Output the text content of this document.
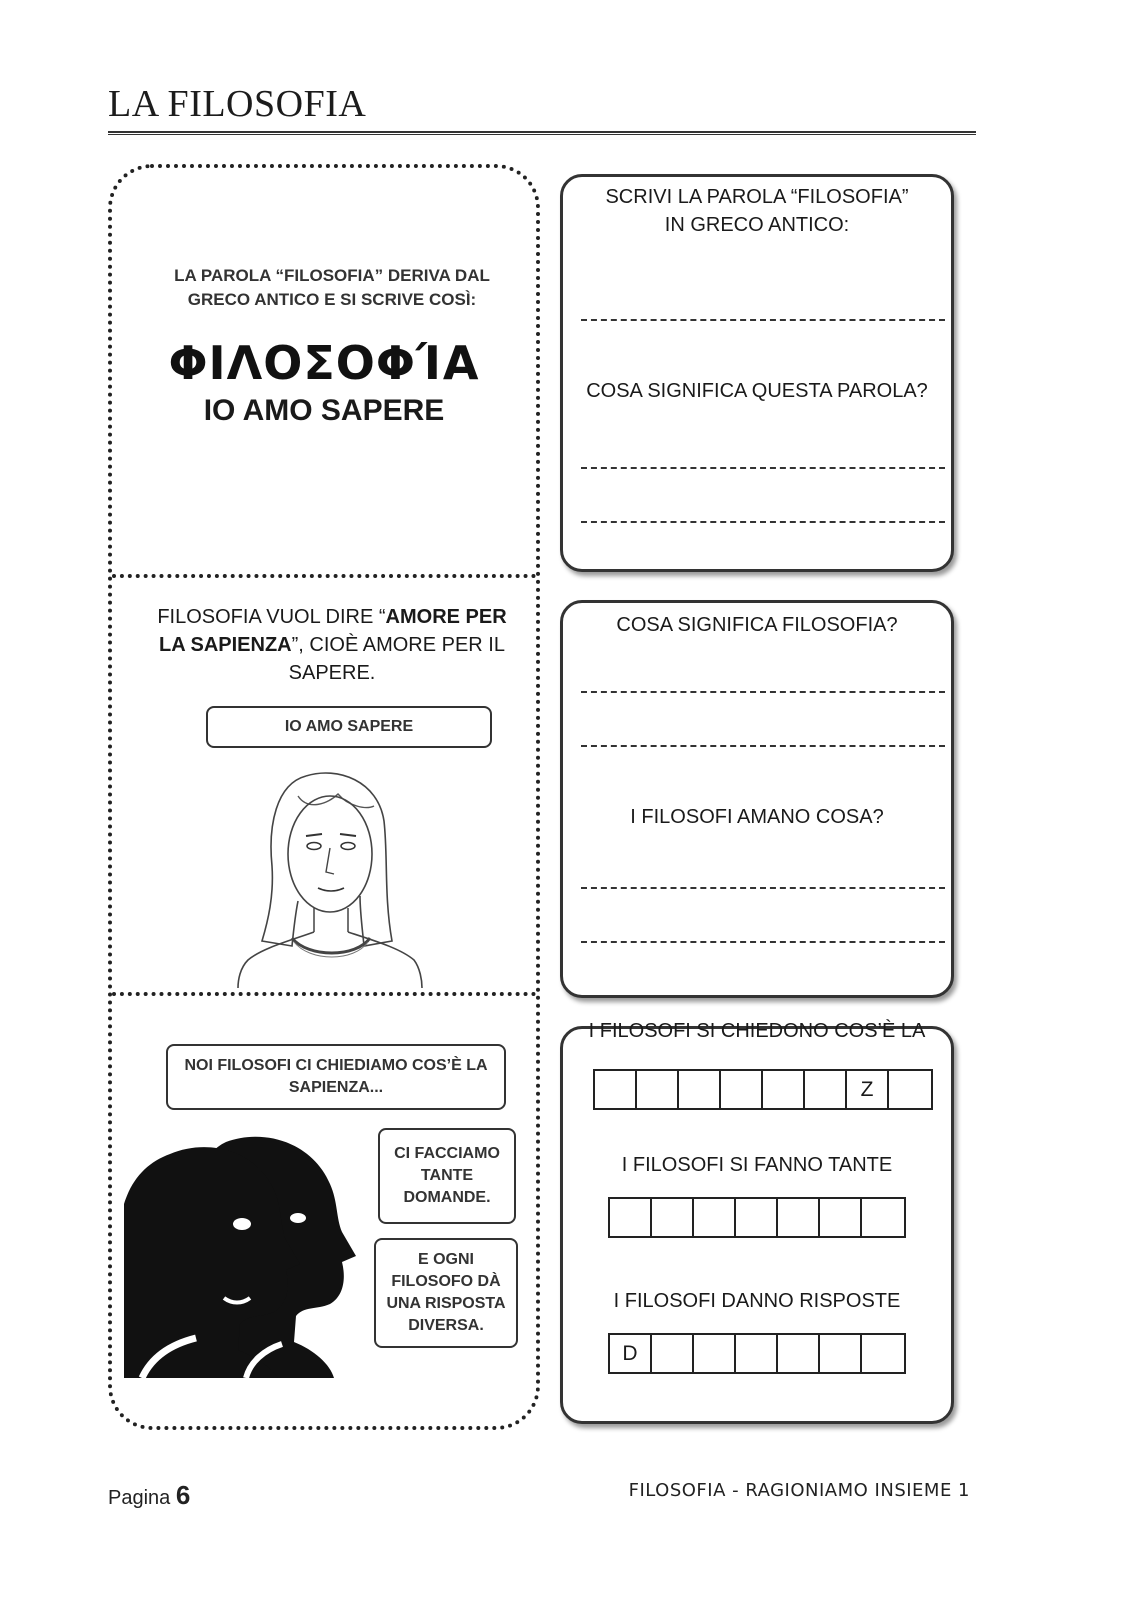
LA FILOSOFIA
LA PAROLA “FILOSOFIA” DERIVA DAL GRECO ANTICO E SI SCRIVE COSÌ:
ΦΙΛΟΣΟΦΊΑ
IO AMO SAPERE
FILOSOFIA VUOL DIRE “AMORE PER LA SAPIENZA”, CIOÈ AMORE PER IL SAPERE.
IO AMO SAPERE
NOI FILOSOFI CI CHIEDIAMO COS’È LA SAPIENZA...
CI FACCIAMO TANTE DOMANDE.
E OGNI FILOSOFO DÀ UNA RISPOSTA DIVERSA.
SCRIVI LA PAROLA “FILOSOFIA” IN GRECO ANTICO:
COSA SIGNIFICA QUESTA PAROLA?
COSA SIGNIFICA FILOSOFIA?
I FILOSOFI AMANO COSA?
I FILOSOFI SI CHIEDONO COS’È LA
Z
I FILOSOFI SI FANNO TANTE
I FILOSOFI DANNO RISPOSTE
D
Pagina 6	FILOSOFIA - RAGIONIAMO INSIEME 1
